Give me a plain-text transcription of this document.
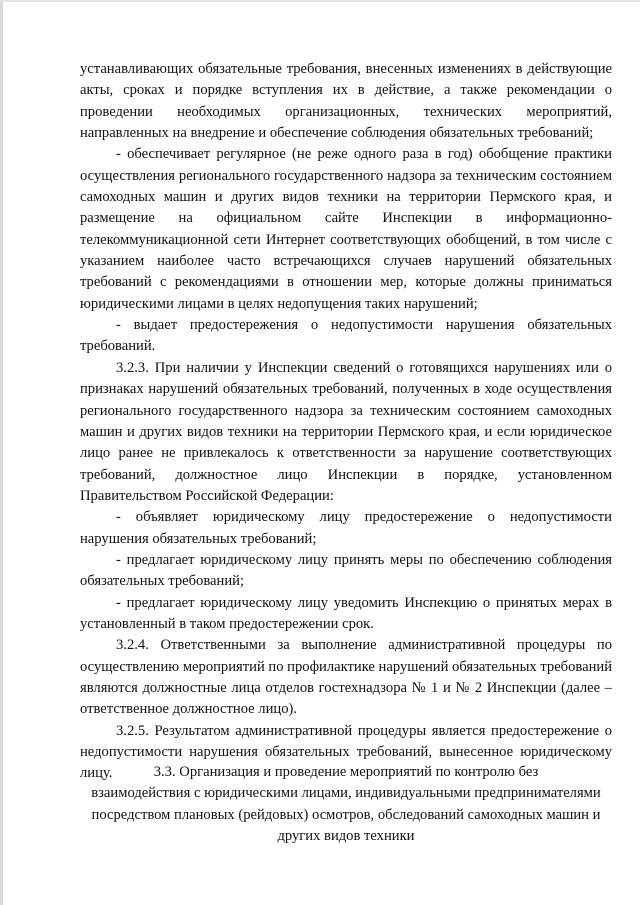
устанавливающих обязательные требования, внесенных изменениях в действующие акты, сроках и порядке вступления их в действие, а также рекомендации о проведении необходимых организационных, технических мероприятий, направленных на внедрение и обеспечение соблюдения обязательных требований;

- обеспечивает регулярное (не реже одного раза в год) обобщение практики осуществления регионального государственного надзора за техническим состоянием самоходных машин и других видов техники на территории Пермского края, и размещение на официальном сайте Инспекции в информационно-телекоммуникационной сети Интернет соответствующих обобщений, в том числе с указанием наиболее часто встречающихся случаев нарушений обязательных требований с рекомендациями в отношении мер, которые должны приниматься юридическими лицами в целях недопущения таких нарушений;

- выдает предостережения о недопустимости нарушения обязательных требований.

3.2.3. При наличии у Инспекции сведений о готовящихся нарушениях или о признаках нарушений обязательных требований, полученных в ходе осуществления регионального государственного надзора за техническим состоянием самоходных машин и других видов техники на территории Пермского края, и если юридическое лицо ранее не привлекалось к ответственности за нарушение соответствующих требований, должностное лицо Инспекции в порядке, установленном Правительством Российской Федерации:

- объявляет юридическому лицу предостережение о недопустимости нарушения обязательных требований;

- предлагает юридическому лицу принять меры по обеспечению соблюдения обязательных требований;

- предлагает юридическому лицу уведомить Инспекцию о принятых мерах в установленный в таком предостережении срок.

3.2.4. Ответственными за выполнение административной процедуры по осуществлению мероприятий по профилактике нарушений обязательных требований являются должностные лица отделов гостехнадзора № 1 и № 2 Инспекции (далее – ответственное должностное лицо).

3.2.5. Результатом административной процедуры является предостережение о недопустимости нарушения обязательных требований, вынесенное юридическому лицу.	3.3. Организация и проведение мероприятий по контролю без

взаимодействия с юридическими лицами, индивидуальными предпринимателями

посредством плановых (рейдовых) осмотров, обследований самоходных машин и

других видов техники
